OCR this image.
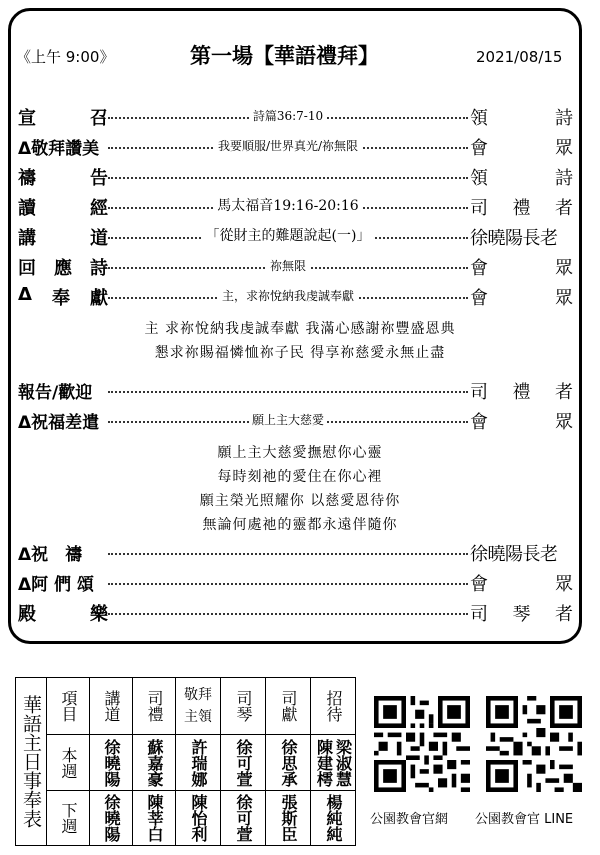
《上午 9:00》	第一場【華語禮拜】	2021/08/15
宣	召	詩篇36:7-10	領	詩
Δ敬拜讚美	我要順服/世界真光/祢無限	會	眾
禱	告	領	詩
讀	經	馬太福音19:16-20:16	司 禮 者
講	道	「從財主的難題說起(一)」	徐曉陽長老
回 應 詩	祢無限	會	眾
Δ 奉 獻	主，求祢悅納我虔誠奉獻	會	眾
主 求祢悅納我虔誠奉獻 我滿心感謝祢豐盛恩典
懇求祢賜福憐恤祢子民 得享祢慈愛永無止盡
報告/歡迎	司 禮 者
Δ祝福差遣	願上主大慈愛	會	眾
願上主大慈愛撫慰你心靈
每時刻祂的愛住在你心裡
願主榮光照耀你 以慈愛恩待你
無論何處祂的靈都永遠伴隨你
Δ祝　禱	徐曉陽長老
Δ阿 們 頌	會	眾
殿	樂	司 琴 者
華語主日事奉表	項目	講道	司禮	敬拜主領	司琴	司獻	招待

	本週	徐曉陽	蘇嘉豪	許瑞娜	徐可萱	徐思承	陳建樗 梁淑慧

	下週	徐曉陽	陳莘白	陳怡利	徐可萱	張斯臣	楊純純 公園教會官網 公園教會官 LINE
